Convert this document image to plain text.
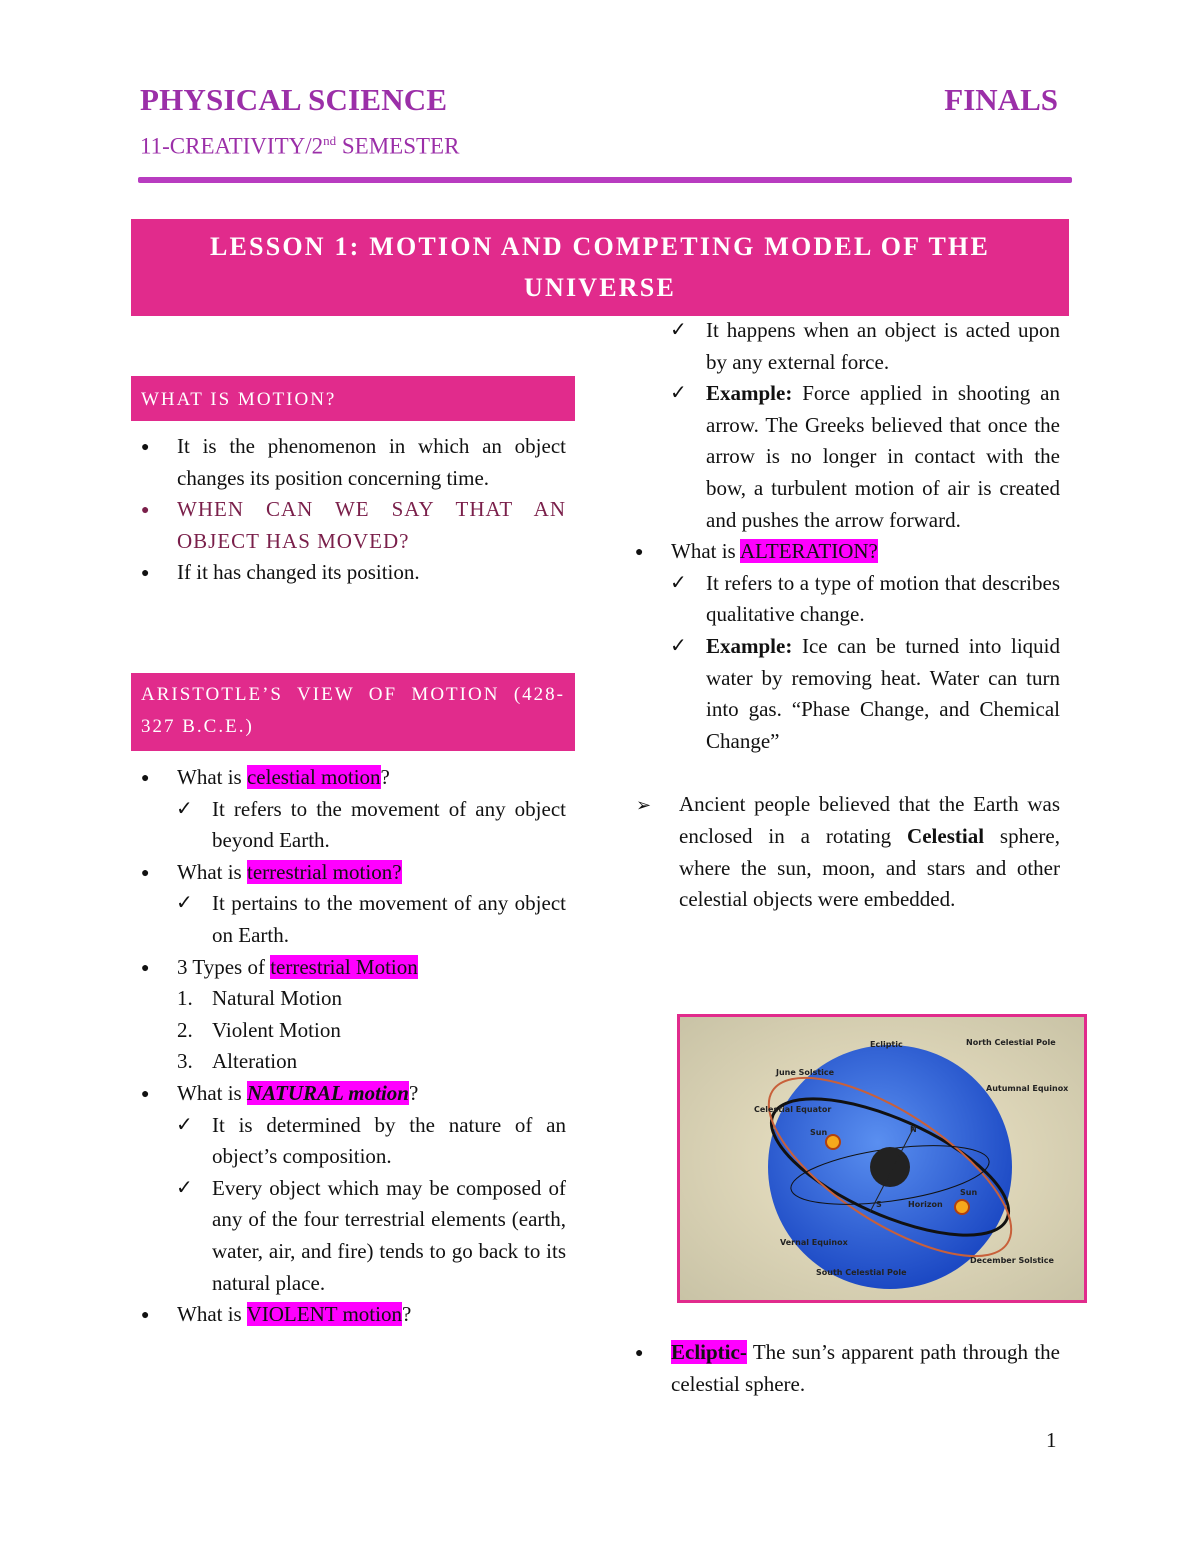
PHYSICAL SCIENCE	FINALS
11-CREATIVITY/2nd SEMESTER
LESSON 1: MOTION AND COMPETING MODEL OF THE UNIVERSE
WHAT IS MOTION?
● It is the phenomenon in which an object changes its position concerning time.
● WHEN CAN WE SAY THAT AN OBJECT HAS MOVED?
● If it has changed its position.
ARISTOTLE’S VIEW OF MOTION (428-327 B.C.E.)
● What is celestial motion?
✓ It refers to the movement of any object beyond Earth.
● What is terrestrial motion?
✓ It pertains to the movement of any object on Earth.
● 3 Types of terrestrial Motion
1. Natural Motion
2. Violent Motion
3. Alteration
● What is NATURAL motion?
✓ It is determined by the nature of an object’s composition.
✓ Every object which may be composed of any of the four terrestrial elements (earth, water, air, and fire) tends to go back to its natural place.
● What is VIOLENT motion?
✓ It happens when an object is acted upon by any external force.
✓ Example: Force applied in shooting an arrow. The Greeks believed that once the arrow is no longer in contact with the bow, a turbulent motion of air is created and pushes the arrow forward.
● What is ALTERATION?
✓ It refers to a type of motion that describes qualitative change.
✓ Example: Ice can be turned into liquid water by removing heat. Water can turn into gas. “Phase Change, and Chemical Change”
➢ Ancient people believed that the Earth was enclosed in a rotating Celestial sphere, where the sun, moon, and stars and other celestial objects were embedded.
Ecliptic	North Celestial Pole
June Solstice
Autumnal Equinox
Celestial Equator
Sun
Sun
N
S	Horizon
Vernal Equinox
South Celestial Pole
December Solstice
● Ecliptic- The sun’s apparent path through the celestial sphere.
1
